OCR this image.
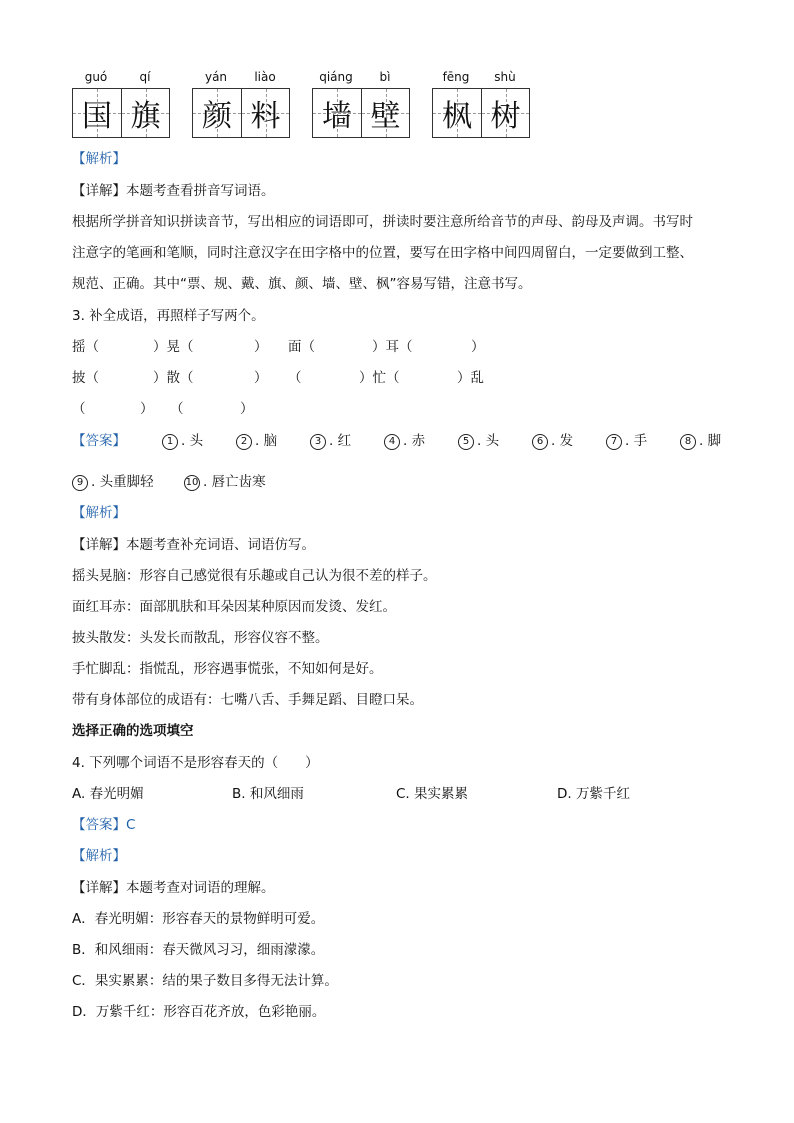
guó	qí
国 旗
yán	liào
颜 料
qiáng	bì
墙 壁
fēng	shù
枫 树
【解析】
【详解】本题考查看拼音写词语。
根据所学拼音知识拼读音节，写出相应的词语即可，拼读时要注意所给音节的声母、韵母及声调。书写时
注意字的笔画和笔顺，同时注意汉字在田字格中的位置，要写在田字格中间四周留白，一定要做到工整、
规范、正确。其中“票、规、戴、旗、颜、墙、壁、枫”容易写错，注意书写。
3. 补全成语，再照样子写两个。
摇（	）晃（	） 面（	）耳（	）
披（	）散（	） （	）忙（	）乱
（	） （	）
【答案】	1 . 头	2 . 脑	3 . 红	4 . 赤	5 . 头	6 . 发	7 . 手	8 . 脚
9 . 头重脚轻	10 . 唇亡齿寒
【解析】
【详解】本题考查补充词语、词语仿写。
摇头晃脑：形容自己感觉很有乐趣或自己认为很不差的样子。
面红耳赤：面部肌肤和耳朵因某种原因而发烫、发红。
披头散发：头发长而散乱，形容仪容不整。
手忙脚乱：指慌乱，形容遇事慌张，不知如何是好。
带有身体部位的成语有：七嘴八舌、手舞足蹈、目瞪口呆。
选择正确的选项填空
4. 下列哪个词语不是形容春天的（　　）
A. 春光明媚	B. 和风细雨	C. 果实累累	D. 万紫千红
【答案】C
【解析】
【详解】本题考查对词语的理解。
A．春光明媚：形容春天的景物鲜明可爱。
B．和风细雨：春天微风习习，细雨濛濛。
C．果实累累：结的果子数目多得无法计算。
D．万紫千红：形容百花齐放，色彩艳丽。
